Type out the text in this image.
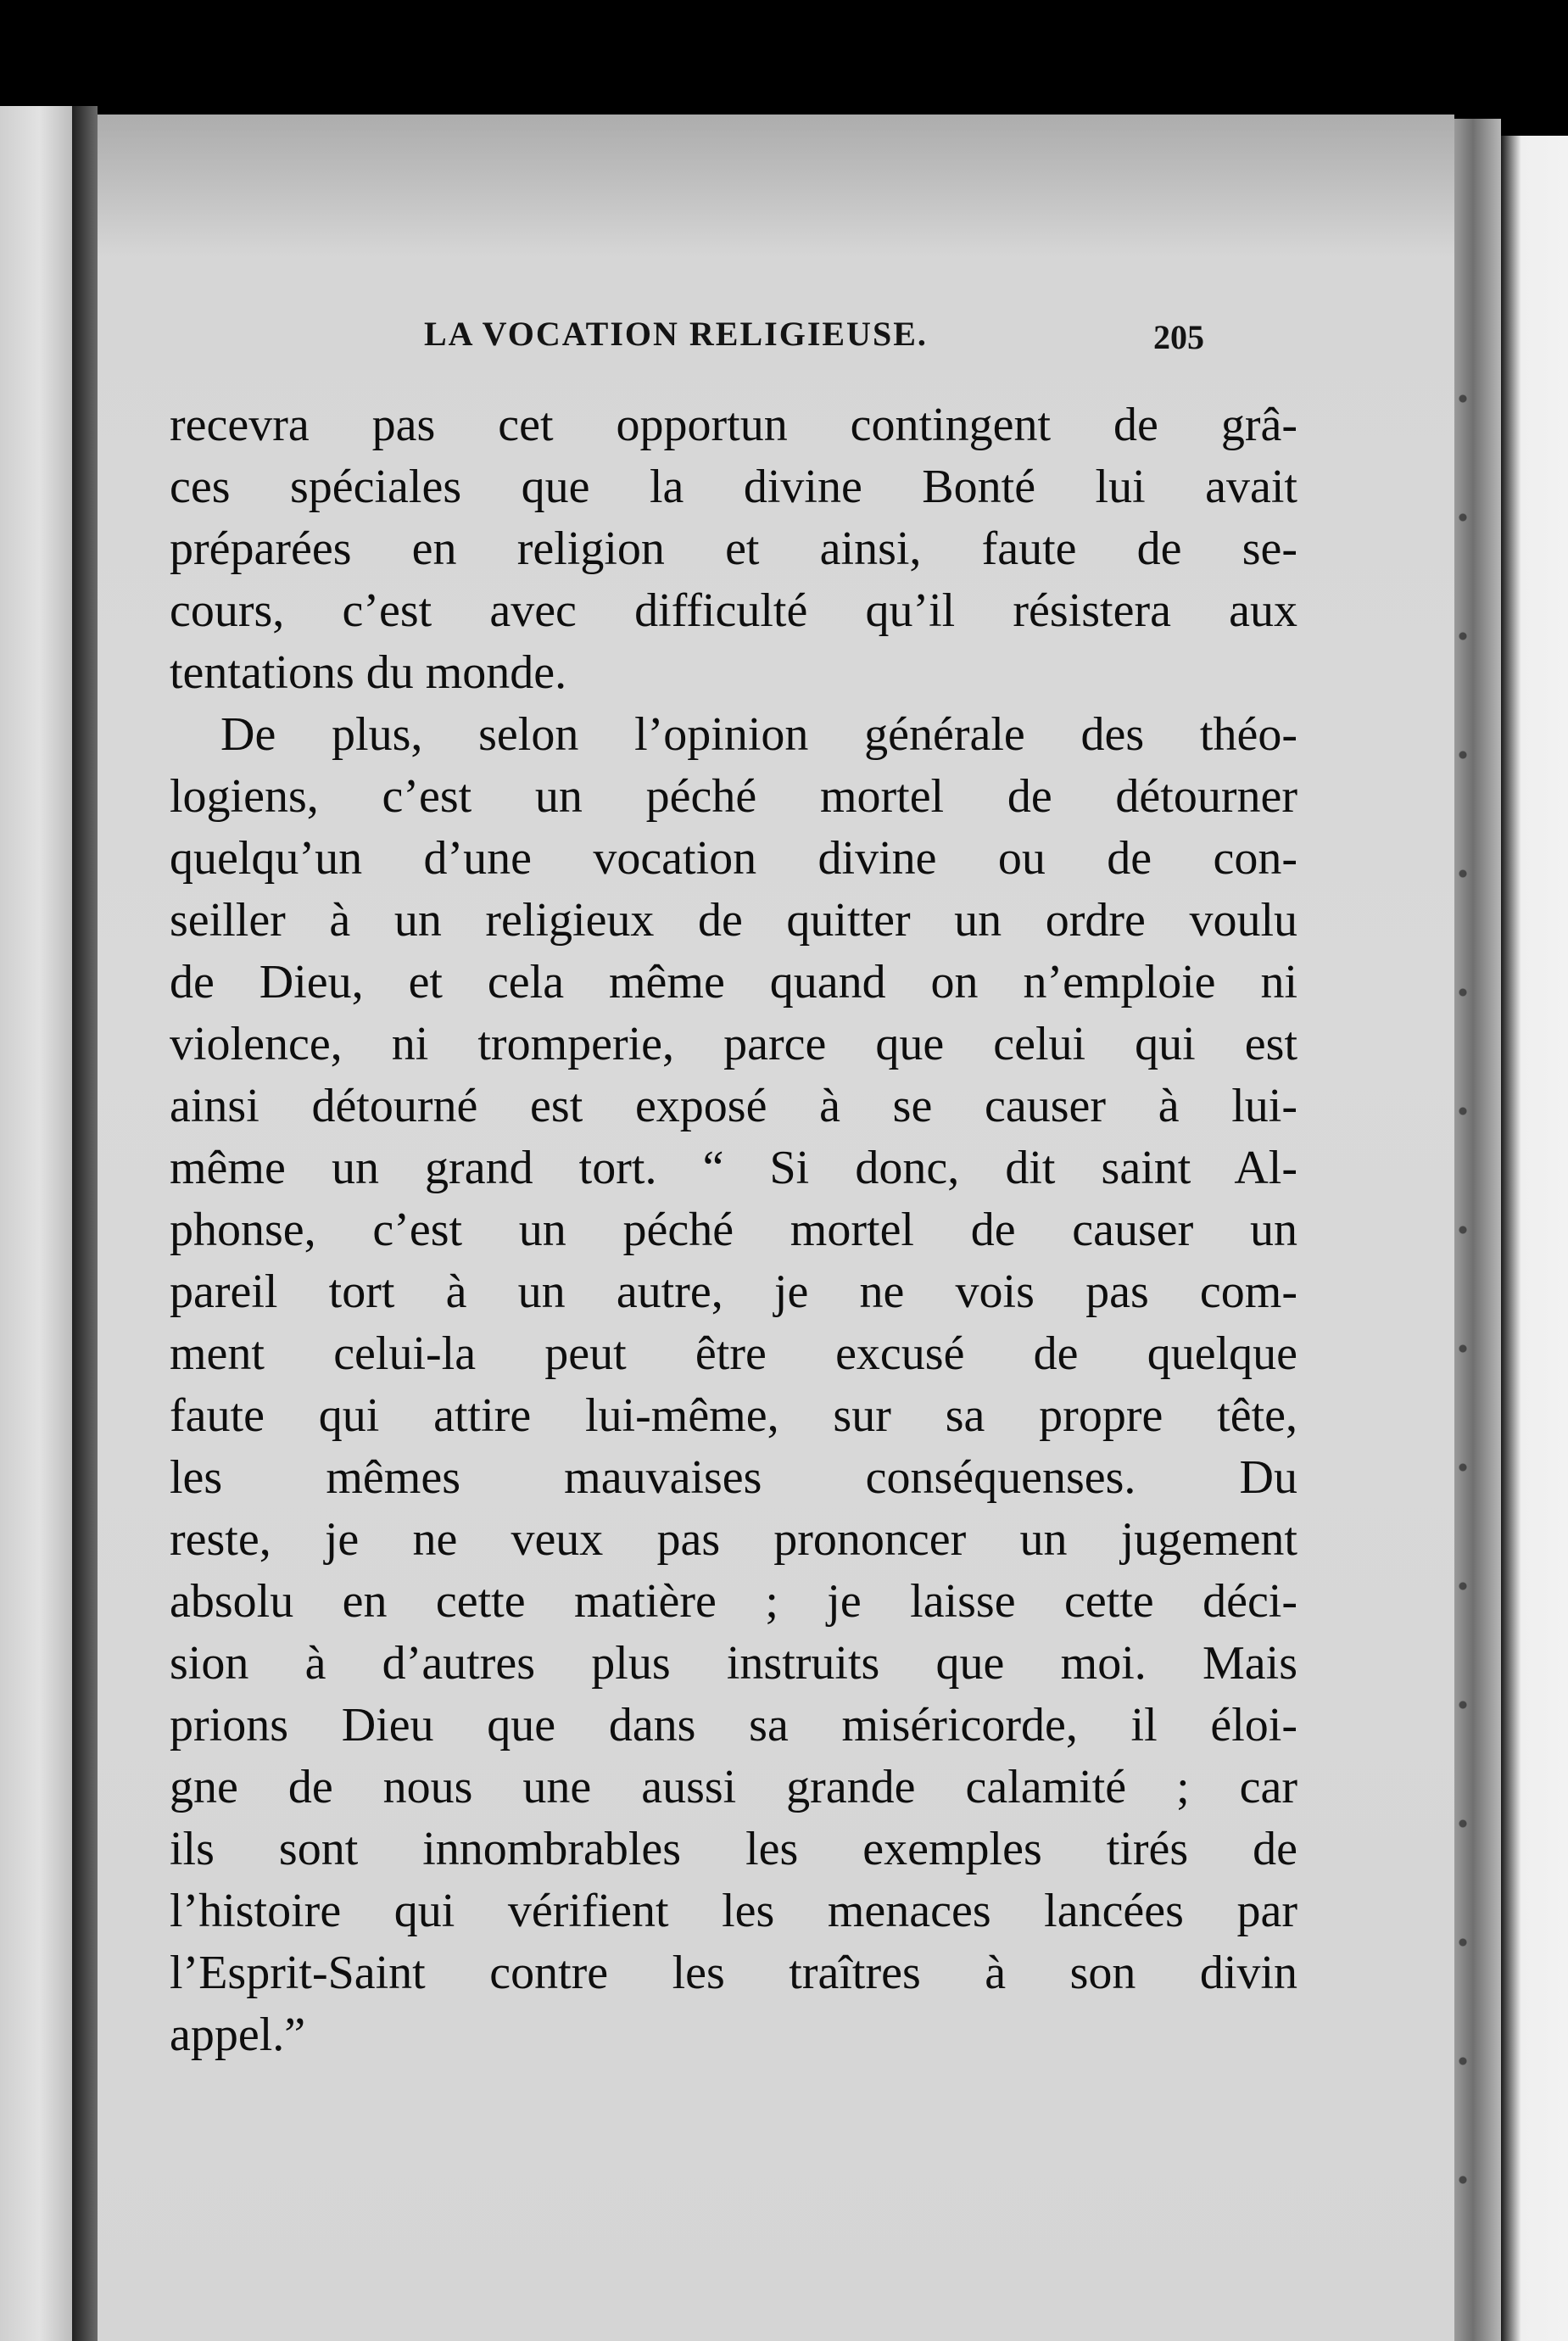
LA VOCATION RELIGIEUSE.	205
recevra pas cet opportun contingent de grâ-
ces spéciales que la divine Bonté lui avait
préparées en religion et ainsi, faute de se-
cours, c’est avec difficulté qu’il résistera aux
tentations du monde.
De plus, selon l’opinion générale des théo-
logiens, c’est un péché mortel de détourner
quelqu’un d’une vocation divine ou de con-
seiller à un religieux de quitter un ordre voulu
de Dieu, et cela même quand on n’emploie ni
violence, ni tromperie, parce que celui qui est
ainsi détourné est exposé à se causer à lui-
même un grand tort. “ Si donc, dit saint Al-
phonse, c’est un péché mortel de causer un
pareil tort à un autre, je ne vois pas com-
ment celui-la peut être excusé de quelque
faute qui attire lui-même, sur sa propre tête,
les mêmes mauvaises conséquenses. Du
reste, je ne veux pas prononcer un jugement
absolu en cette matière ; je laisse cette déci-
sion à d’autres plus instruits que moi. Mais
prions Dieu que dans sa miséricorde, il éloi-
gne de nous une aussi grande calamité ; car
ils sont innombrables les exemples tirés de
l’histoire qui vérifient les menaces lancées par
l’Esprit-Saint contre les traîtres à son divin
appel.”
